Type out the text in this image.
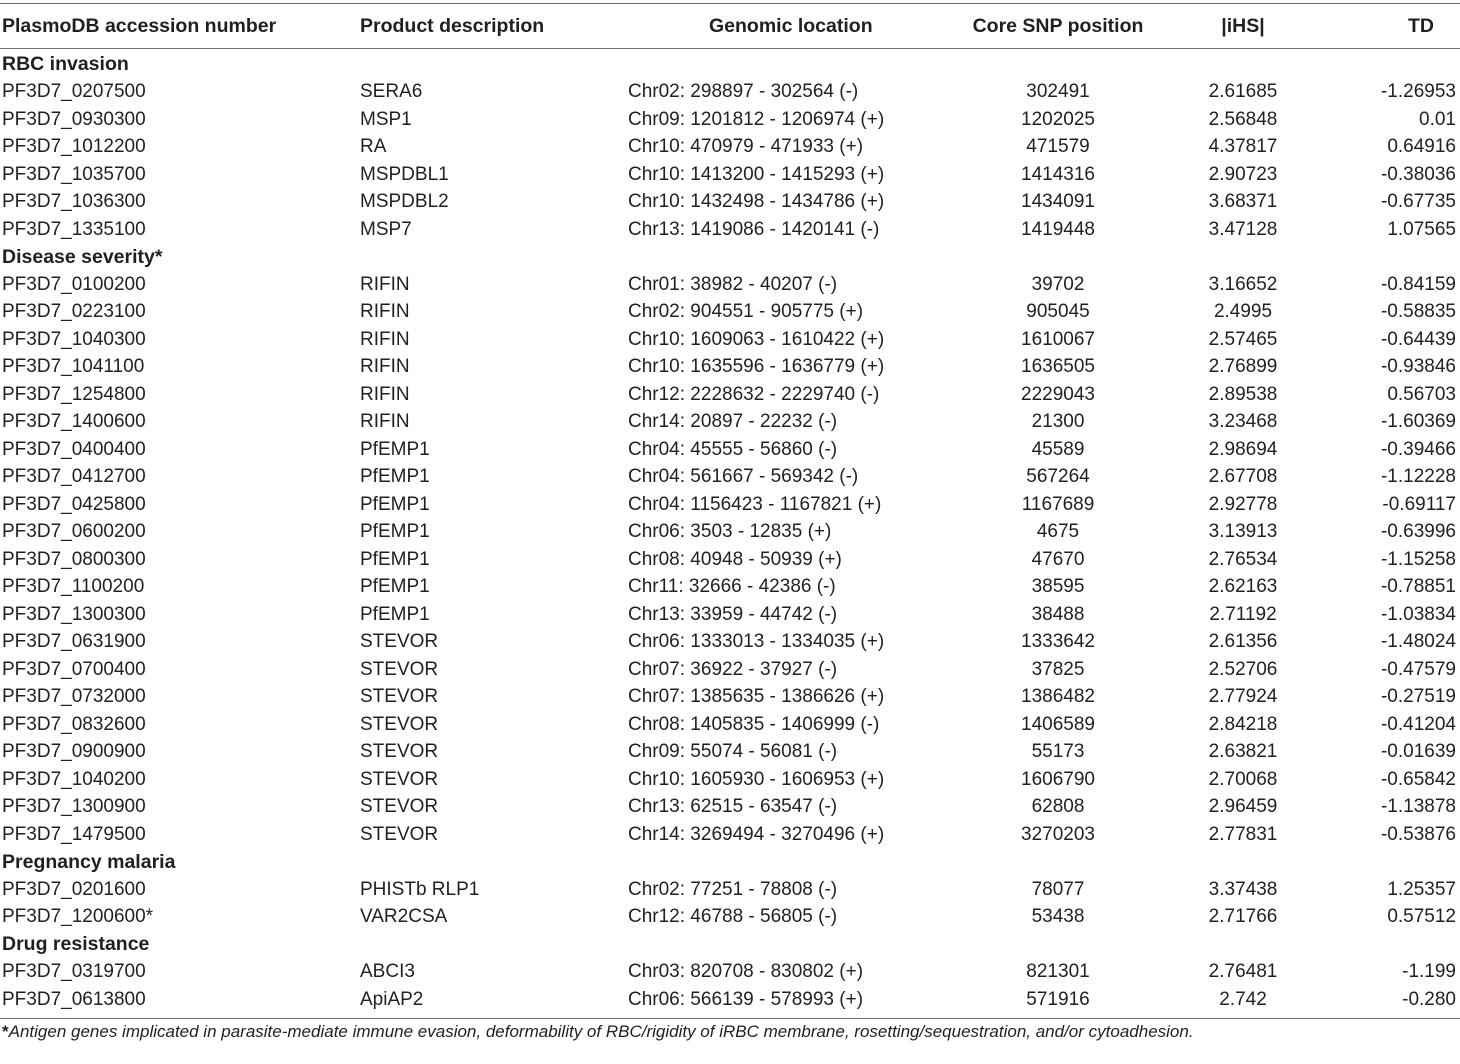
PlasmoDB accession number	Product description	Genomic location	Core SNP position	|iHS|	TD
RBC invasion
PF3D7_0207500	SERA6	Chr02: 298897 - 302564 (-)	302491	2.61685	-1.26953
PF3D7_0930300	MSP1	Chr09: 1201812 - 1206974 (+)	1202025	2.56848	0.01
PF3D7_1012200	RA	Chr10: 470979 - 471933 (+)	471579	4.37817	0.64916
PF3D7_1035700	MSPDBL1	Chr10: 1413200 - 1415293 (+)	1414316	2.90723	-0.38036
PF3D7_1036300	MSPDBL2	Chr10: 1432498 - 1434786 (+)	1434091	3.68371	-0.67735
PF3D7_1335100	MSP7	Chr13: 1419086 - 1420141 (-)	1419448	3.47128	1.07565
Disease severity*
PF3D7_0100200	RIFIN	Chr01: 38982 - 40207 (-)	39702	3.16652	-0.84159
PF3D7_0223100	RIFIN	Chr02: 904551 - 905775 (+)	905045	2.4995	-0.58835
PF3D7_1040300	RIFIN	Chr10: 1609063 - 1610422 (+)	1610067	2.57465	-0.64439
PF3D7_1041100	RIFIN	Chr10: 1635596 - 1636779 (+)	1636505	2.76899	-0.93846
PF3D7_1254800	RIFIN	Chr12: 2228632 - 2229740 (-)	2229043	2.89538	0.56703
PF3D7_1400600	RIFIN	Chr14: 20897 - 22232 (-)	21300	3.23468	-1.60369
PF3D7_0400400	PfEMP1	Chr04: 45555 - 56860 (-)	45589	2.98694	-0.39466
PF3D7_0412700	PfEMP1	Chr04: 561667 - 569342 (-)	567264	2.67708	-1.12228
PF3D7_0425800	PfEMP1	Chr04: 1156423 - 1167821 (+)	1167689	2.92778	-0.69117
PF3D7_0600200	PfEMP1	Chr06: 3503 - 12835 (+)	4675	3.13913	-0.63996
PF3D7_0800300	PfEMP1	Chr08: 40948 - 50939 (+)	47670	2.76534	-1.15258
PF3D7_1100200	PfEMP1	Chr11: 32666 - 42386 (-)	38595	2.62163	-0.78851
PF3D7_1300300	PfEMP1	Chr13: 33959 - 44742 (-)	38488	2.71192	-1.03834
PF3D7_0631900	STEVOR	Chr06: 1333013 - 1334035 (+)	1333642	2.61356	-1.48024
PF3D7_0700400	STEVOR	Chr07: 36922 - 37927 (-)	37825	2.52706	-0.47579
PF3D7_0732000	STEVOR	Chr07: 1385635 - 1386626 (+)	1386482	2.77924	-0.27519
PF3D7_0832600	STEVOR	Chr08: 1405835 - 1406999 (-)	1406589	2.84218	-0.41204
PF3D7_0900900	STEVOR	Chr09: 55074 - 56081 (-)	55173	2.63821	-0.01639
PF3D7_1040200	STEVOR	Chr10: 1605930 - 1606953 (+)	1606790	2.70068	-0.65842
PF3D7_1300900	STEVOR	Chr13: 62515 - 63547 (-)	62808	2.96459	-1.13878
PF3D7_1479500	STEVOR	Chr14: 3269494 - 3270496 (+)	3270203	2.77831	-0.53876
Pregnancy malaria
PF3D7_0201600	PHISTb RLP1	Chr02: 77251 - 78808 (-)	78077	3.37438	1.25357
PF3D7_1200600*	VAR2CSA	Chr12: 46788 - 56805 (-)	53438	2.71766	0.57512
Drug resistance
PF3D7_0319700	ABCI3	Chr03: 820708 - 830802 (+)	821301	2.76481	-1.199
PF3D7_0613800	ApiAP2	Chr06: 566139 - 578993 (+)	571916	2.742	-0.280
*Antigen genes implicated in parasite-mediate immune evasion, deformability of RBC/rigidity of iRBC membrane, rosetting/sequestration, and/or cytoadhesion.
